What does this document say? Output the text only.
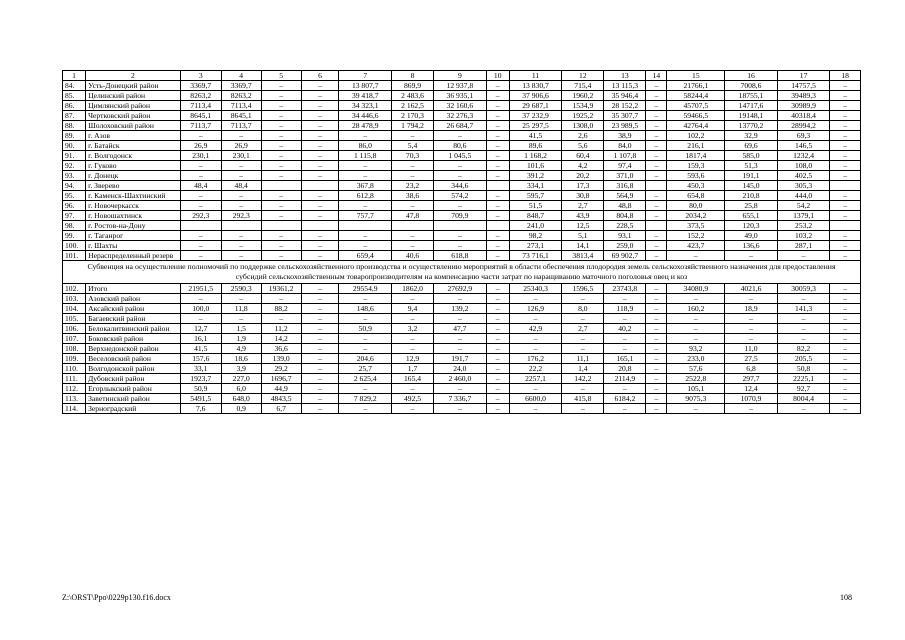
1	2	3	4	5	6	7	8	9	10	11	12	13	14	15	16	17	18
84.	Усть-Донецкий район	3369,7	3369,7	–	–	13 807,7	869,9	12 937,8	–	13 830,7	715,4	13 115,3	–	21766,1	7008,6	14757,5	–
85.	Целинский район	8263,2	8263,2	–	–	39 418,7	2 483,6	36 935,1	–	37 906,6	1960,2	35 946,4	–	58244,4	18755,1	39489,3	–
86.	Цимлянский район	7113,4	7113,4	–	–	34 323,1	2 162,5	32 160,6	–	29 687,1	1534,9	28 152,2	–	45707,5	14717,6	30989,9	–
87.	Чертковский район	8645,1	8645,1	–	–	34 446,6	2 170,3	32 276,3	–	37 232,9	1925,2	35 307,7	–	59466,5	19148,1	40318,4	–
88.	Шолоховский район	7113,7	7113,7	–	–	28 478,9	1 794,2	26 684,7	–	25 297,5	1308,0	23 989,5	–	42764,4	13770,2	28994,2	–
89.	г. Азов	–	–	–	–	–	–	–	–	41,5	2,6	38,9	–	102,2	32,9	69,3	–
90.	г. Батайск	26,9	26,9	–	–	86,0	5,4	80,6	–	89,6	5,6	84,0	–	216,1	69,6	146,5	–
91.	г. Волгодонск	230,1	230,1	–	–	1 115,8	70,3	1 045,5	–	1 168,2	60,4	1 107,8	–	1817,4	585,0	1232,4	–
92.	г. Гуково	–	–	–	–	–	–	–	–	101,6	4,2	97,4	–	159,3	51,3	108,0	–
93.	г. Донецк	–	–	–	–	–	–	–	–	391,2	20,2	371,0	–	593,6	191,1	402,5	–
94.	г. Зверево	48,4	48,4			367,8	23,2	344,6		334,1	17,3	316,8		450,3	145,0	305,3	
95.	г. Каменск-Шахтинский	–	–	–	–	612,8	38,6	574,2	–	595,7	30,8	564,9	–	654,8	210,8	444,0	–
96.	г. Новочеркасск	–	–	–	–	–	–	–	–	51,5	2,7	48,8	–	80,0	25,8	54,2	–
97.	г. Новошахтинск	292,3	292,3	–	–	757,7	47,8	709,9	–	848,7	43,9	804,8	–	2034,2	655,1	1379,1	–
98.	г. Ростов-на-Дону									241,0	12,5	228,5		373,5	120,3	253,2	
99.	г. Таганрог	–	–	–	–	–	–	–	–	98,2	5,1	93,1	–	152,2	49,0	103,2	–
100.	г. Шахты	–	–	–	–	–	–	–	–	273,1	14,1	259,0	–	423,7	136,6	287,1	–
101.	Нераспределенный резерв	–	–	–	–	659,4	40,6	618,8	–	73 716,1	3813,4	69 902,7	–	–	–	–	–
Субвенция на осуществление полномочий по поддержке сельскохозяйственного производства и осуществлению мероприятий в области обеспечения плодородия земель сельскохозяйственного назначения для предоставления субсидий сельскохозяйственным товаропроизводителям на компенсацию части затрат по наращиванию маточного поголовья овец и коз																	
102.	Итого	21951,5	2590,3	19361,2	–	29554,9	1862,0	27692,9	–	25340,3	1596,5	23743,8	–	34080,9	4021,6	30059,3	–
103.	Азовский район	–	–	–	–	–	–	–	–	–	–	–	–	–	–	–	–
104.	Аксайский район	100,0	11,8	88,2	–	148,6	9,4	139,2	–	126,9	8,0	118,9	–	160,2	18,9	141,3	–
105.	Багаевский район	–	–	–	–	–	–	–	–	–	–	–	–	–	–	–	–
106.	Белокалитвинский район	12,7	1,5	11,2	–	50,9	3,2	47,7	–	42,9	2,7	40,2	–	–	–	–	–
107.	Боковский район	16,1	1,9	14,2	–	–	–	–	–	–	–	–	–	–	–	–	–
108.	Верхнедонской район	41,5	4,9	36,6	–	–	–	–	–	–	–	–	–	93,2	11,0	82,2	–
109.	Веселовский район	157,6	18,6	139,0	–	204,6	12,9	191,7	–	176,2	11,1	165,1	–	233,0	27,5	205,5	–
110.	Волгодонской район	33,1	3,9	29,2	–	25,7	1,7	24,0	–	22,2	1,4	20,8	–	57,6	6,8	50,8	–
111.	Дубовский район	1923,7	227,0	1696,7	–	2 625,4	165,4	2 460,0	–	2257,1	142,2	2114,9	–	2522,8	297,7	2225,1	–
112.	Егорлыкский район	50,9	6,0	44,9	–	–	–	–	–	–	–	–	–	105,1	12,4	92,7	–
113.	Заветинский район	5491,5	648,0	4843,5	–	7 829,2	492,5	7 336,7	–	6600,0	415,8	6184,2	–	9075,3	1070,9	8004,4	–
114.	Зерноградский	7,6	0,9	6,7	–	–	–	–	–	–	–	–	–	–	–	–	–
Z:\ORST\Ppo\0229p130.f16.docx	108
